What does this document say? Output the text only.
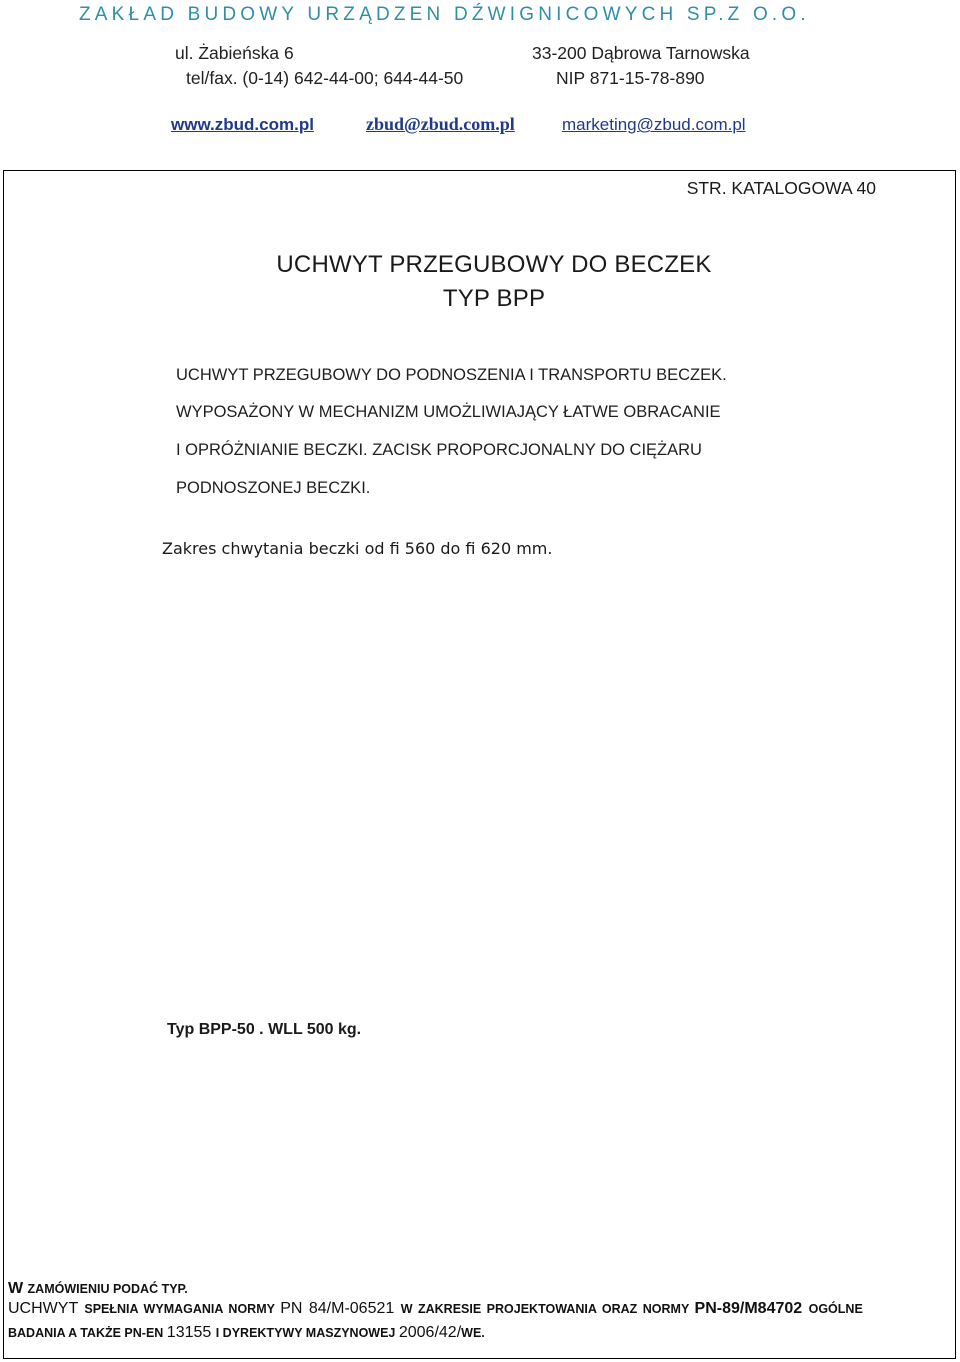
ZAKŁAD BUDOWY URZĄDZEN DŹWIGNICOWYCH SP.Z O.O.
ul. Żabieńska 6	33-200 Dąbrowa Tarnowska
tel/fax. (0-14) 642-44-00; 644-44-50	NIP 871-15-78-890
www.zbud.com.pl	zbud@zbud.com.pl	marketing@zbud.com.pl
STR. KATALOGOWA 40
UCHWYT PRZEGUBOWY DO BECZEK
TYP BPP
UCHWYT PRZEGUBOWY DO PODNOSZENIA I TRANSPORTU BECZEK.
WYPOSAŻONY W MECHANIZM UMOŻLIWIAJĄCY ŁATWE OBRACANIE
I OPRÓŻNIANIE BECZKI. ZACISK PROPORCJONALNY DO CIĘŻARU
PODNOSZONEJ BECZKI.
Zakres chwytania beczki od fi 560 do fi 620 mm.
Typ BPP-50 . WLL 500 kg.
W ZAMÓWIENIU PODAĆ TYP.
UCHWYT SPEŁNIA WYMAGANIA NORMY PN 84/M-06521 W ZAKRESIE PROJEKTOWANIA ORAZ NORMY PN-89/M84702 OGÓLNE
BADANIA A TAKŻE PN-EN 13155 I DYREKTYWY MASZYNOWEJ 2006/42/WE.
